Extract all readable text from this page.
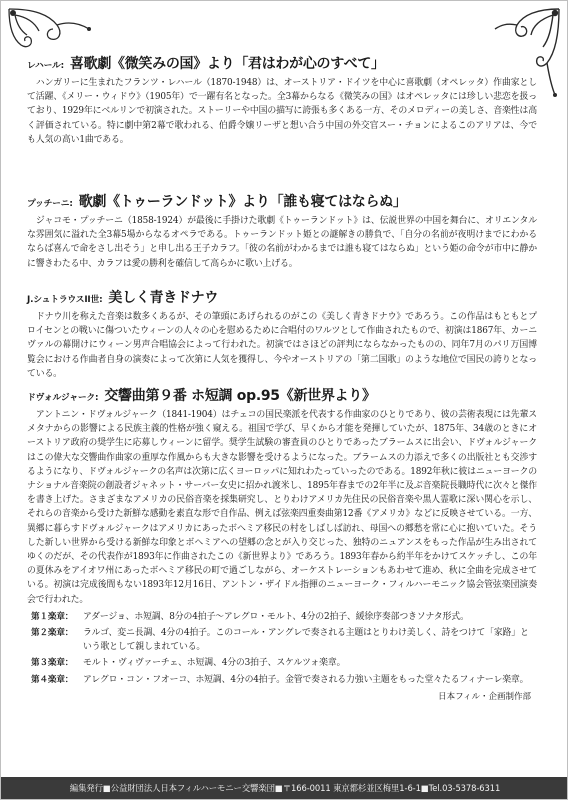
レハール: 喜歌劇《微笑みの国》より「君はわが心のすべて」

ハンガリーに生まれたフランツ・レハール（1870-1948）は、オーストリア・ドイツを中心に喜歌劇（オペレッタ）作曲家として活躍、《メリー・ウィドウ》（1905年）で一躍有名となった。全3幕からなる《微笑みの国》はオペレッタには珍しい悲恋を扱っており、1929年にベルリンで初演された。ストーリーや中国の描写に誇張も多くある一方、そのメロディーの美しさ、音楽性は高く評価されている。特に劇中第2幕で歌われる、伯爵令嬢リーザと想い合う中国の外交官スー・チョンによるこのアリアは、今でも人気の高い1曲である。

プッチーニ: 歌劇《トゥーランドット》より「誰も寝てはならぬ」

ジャコモ・プッチーニ（1858-1924）が最後に手掛けた歌劇《トゥーランドット》は、伝説世界の中国を舞台に、オリエンタルな雰囲気に溢れた全3幕5場からなるオペラである。トゥーランドット姫との謎解きの勝負で、「自分の名前が夜明けまでにわかるならば喜んで命をさし出そう」と申し出る王子カラフ。「彼の名前がわかるまでは誰も寝てはならぬ」という姫の命令が市中に静かに響きわたる中、カラフは愛の勝利を確信して高らかに歌い上げる。

J.シュトラウスII世: 美しく青きドナウ

ドナウ川を称えた音楽は数多くあるが、その筆頭にあげられるのがこの《美しく青きドナウ》であろう。この作品はもともとプロイセンとの戦いに傷ついたウィーンの人々の心を慰めるために合唱付のワルツとして作曲されたもので、初演は1867年、カーニヴァルの幕開けにウィーン男声合唱協会によって行われた。初演ではさほどの評判にならなかったものの、同年7月のパリ万国博覧会における作曲者自身の演奏によって次第に人気を獲得し、今やオーストリアの「第二国歌」のような地位で国民の誇りとなっている。

ドヴォルジャーク: 交響曲第９番 ホ短調 op.95《新世界より》

アントニン・ドヴォルジャーク（1841-1904）はチェコの国民楽派を代表する作曲家のひとりであり、彼の芸術表現には先輩スメタナからの影響による民族主義的性格が強く窺える。祖国で学び、早くから才能を発揮していたが、1875年、34歳のときにオーストリア政府の奨学生に応募しウィーンに留学。奨学生試験の審査員のひとりであったブラームスに出会い、ドヴォルジャークはこの偉大な交響曲作曲家の重厚な作風からも大きな影響を受けるようになった。ブラームスの力添えで多くの出版社とも交渉するようになり、ドヴォルジャークの名声は次第に広くヨーロッパに知れわたっていったのである。1892年秋に彼はニューヨークのナショナル音楽院の創設者ジャネット・サーバー女史に招かれ渡米し、1895年春までの2年半に及ぶ音楽院長職時代に次々と傑作を書き上げた。さまざまなアメリカの民俗音楽を採集研究し、とりわけアメリカ先住民の民俗音楽や黒人霊歌に深い関心を示し、それらの音楽から受けた新鮮な感動を素直な形で自作品、例えば弦楽四重奏曲第12番《アメリカ》などに反映させている。一方、異郷に暮らすドヴォルジャークはアメリカにあったボヘミア移民の村をしばしば訪れ、母国への郷愁を常に心に抱いていた。そうした新しい世界から受ける新鮮な印象とボヘミアへの望郷の念とが入り交じった、独特のニュアンスをもった作品が生み出されてゆくのだが、その代表作が1893年に作曲されたこの《新世界より》であろう。1893年春から約半年をかけてスケッチし、この年の夏休みをアイオワ州にあったボヘミア移民の町で過ごしながら、オーケストレーションもあわせて進め、秋に全曲を完成させている。初演は完成後間もない1893年12月16日、アントン・ザイドル指揮のニューヨーク・フィルハーモニック協会管弦楽団演奏会で行われた。

第１楽章：	アダージョ、ホ短調、8分の4拍子〜アレグロ・モルト、4分の2拍子、緩徐序奏部つきソナタ形式。
第２楽章：	ラルゴ、変ニ長調、4分の4拍子。このコール・アングレで奏される主題はとりわけ美しく、詩をつけて「家路」という歌として親しまれている。
第３楽章：	モルト・ヴィヴァーチェ、ホ短調、4分の3拍子、スケルツォ楽章。
第４楽章：	アレグロ・コン・フオーコ、ホ短調、4分の4拍子。金管で奏される力強い主題をもった堂々たるフィナーレ楽章。
日本フィル・企画制作部
編集発行■公益財団法人日本フィルハーモニー交響楽団■〒166-0011 東京都杉並区梅里1-6-1■Tel.03-5378-6311
